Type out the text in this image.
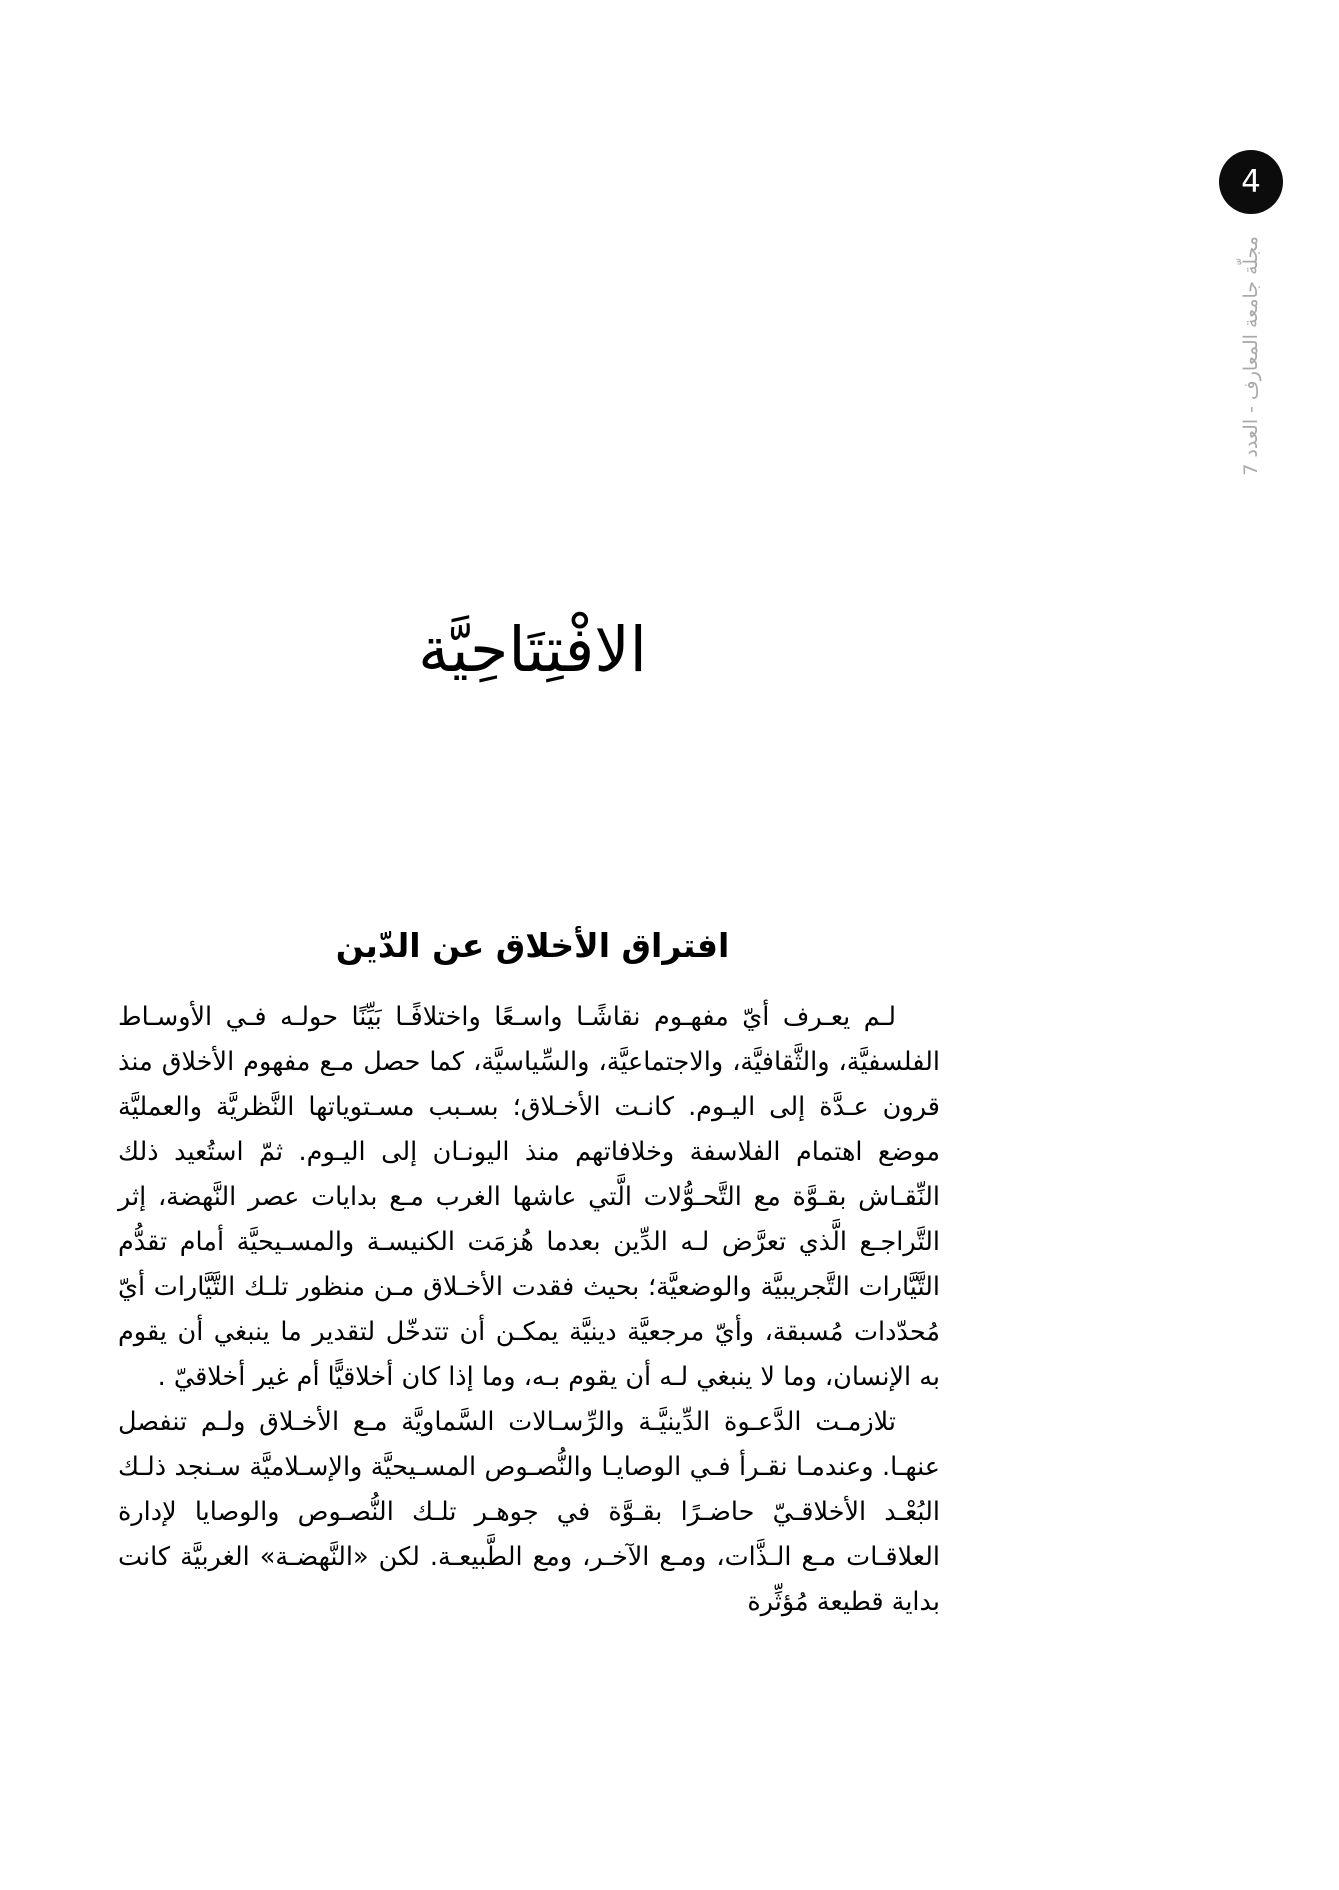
4
مجلّة جامعة المعارف - العدد 7
الافْتِتَاحِيَّة
افتراق الأخلاق عن الدّين

لـم يعـرف أيّ مفهـوم نقاشًـا واسـعًا واختلافًـا بَيِّنًا حولـه فـي الأوسـاط الفلسفيَّة، والثَّقافيَّة، والاجتماعيَّة، والسِّياسيَّة، كما حصل مـع مفهوم الأخلاق منذ قرون عـدَّة إلى اليـوم. كانـت الأخـلاق؛ بسـبب مسـتوياتها النَّظريَّة والعمليَّة موضع اهتمام الفلاسفة وخلافاتهم منذ اليونـان إلى اليـوم. ثمّ استُعيد ذلك النِّقـاش بقـوَّة مع التَّحـوُّلات الَّتي عاشها الغرب مـع بدايات عصر النَّهضة، إثر التَّراجـع الَّذي تعرَّض لـه الدِّين بعدما هُزمَت الكنيسـة والمسـيحيَّة أمام تقدُّم التَّيَّارات التَّجريبيَّة والوضعيَّة؛ بحيث فقدت الأخـلاق مـن منظور تلـك التَّيَّارات أيّ مُحدّدات مُسبقة، وأيّ مرجعيَّة دينيَّة يمكـن أن تتدخّل لتقدير ما ينبغي أن يقوم به الإنسان، وما لا ينبغي لـه أن يقوم بـه، وما إذا كان أخلاقيًّا أم غير أخلاقيّ .

تلازمـت الدَّعـوة الدِّينيَّـة والرِّسـالات السَّماويَّة مـع الأخـلاق ولـم تنفصل عنهـا. وعندمـا نقـرأ فـي الوصايـا والنُّصـوص المسـيحيَّة والإسـلاميَّة سـنجد ذلـك البُعْـد الأخلاقـيّ حاضـرًا بقـوَّة في جوهـر تلـك النُّصـوص والوصايا لإدارة العلاقـات مـع الـذَّات، ومـع الآخـر، ومع الطَّبيعـة. لكن «النَّهضـة» الغربيَّة كانت بداية قطيعة مُؤثِّرة
